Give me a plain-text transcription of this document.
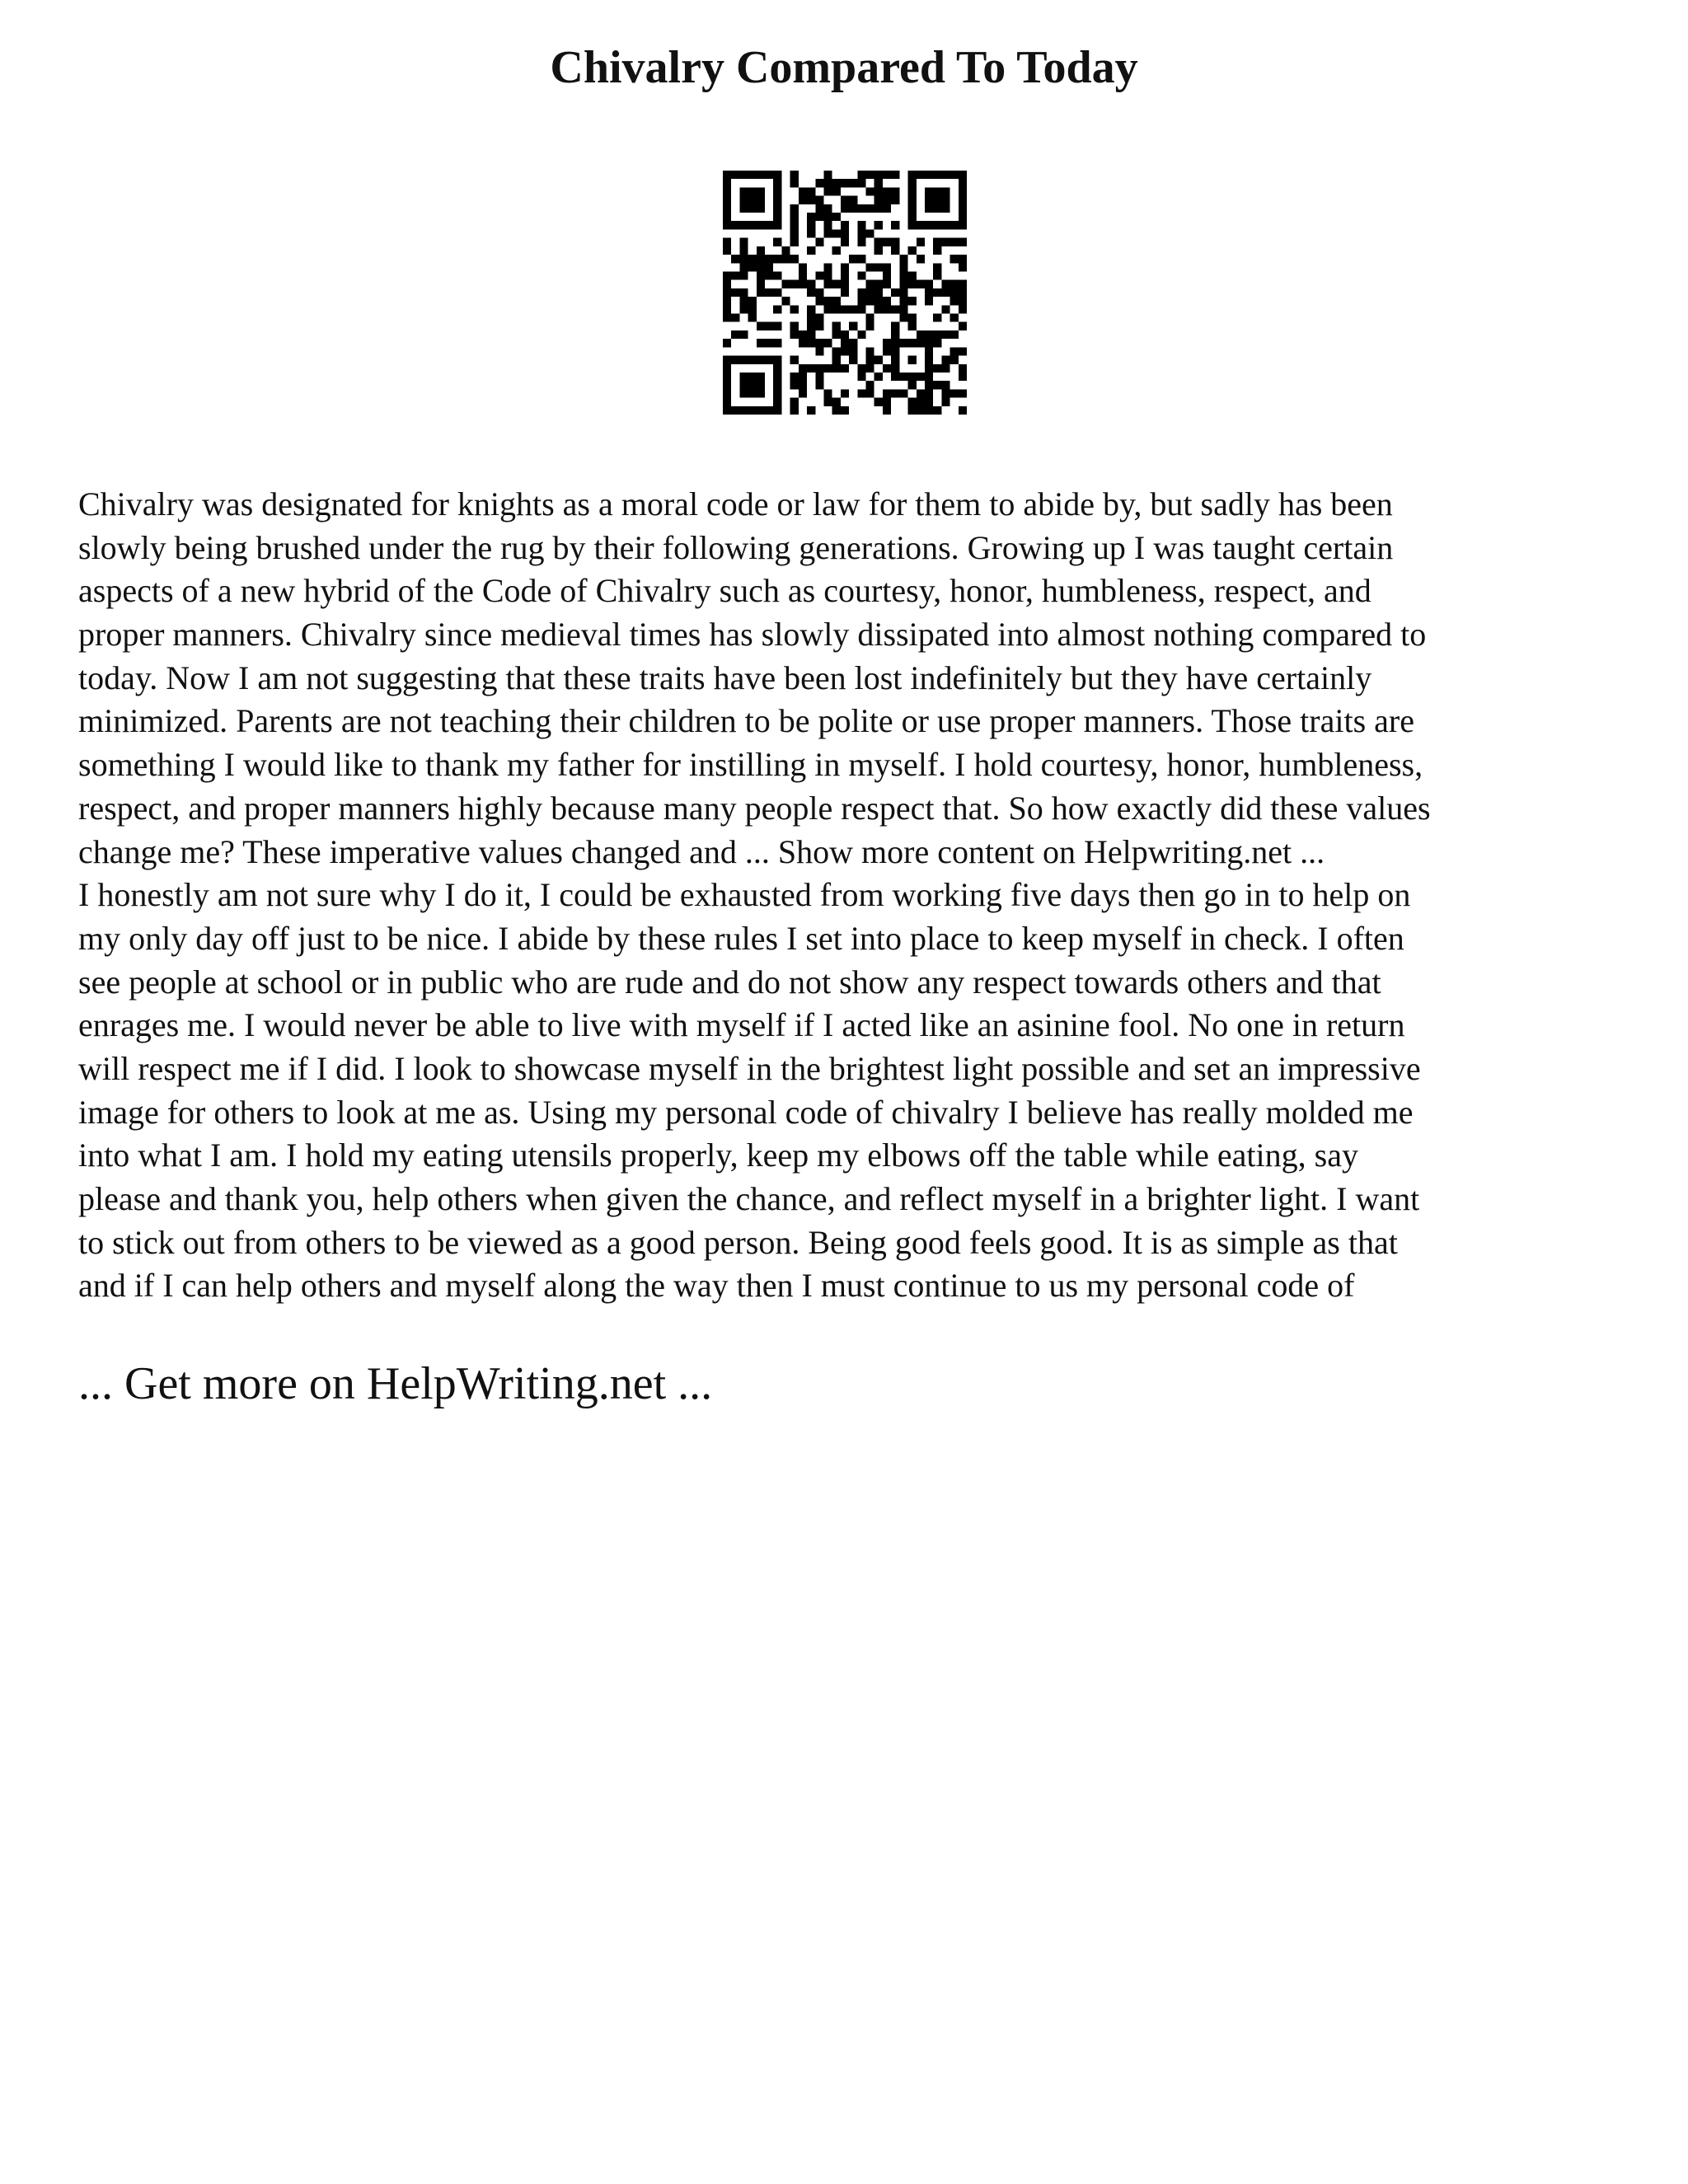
Chivalry Compared To Today
Chivalry was designated for knights as a moral code or law for them to abide by, but sadly has been
slowly being brushed under the rug by their following generations. Growing up I was taught certain
aspects of a new hybrid of the Code of Chivalry such as courtesy, honor, humbleness, respect, and
proper manners. Chivalry since medieval times has slowly dissipated into almost nothing compared to
today. Now I am not suggesting that these traits have been lost indefinitely but they have certainly
minimized. Parents are not teaching their children to be polite or use proper manners. Those traits are
something I would like to thank my father for instilling in myself. I hold courtesy, honor, humbleness,
respect, and proper manners highly because many people respect that. So how exactly did these values
change me? These imperative values changed and ... Show more content on Helpwriting.net ...
I honestly am not sure why I do it, I could be exhausted from working five days then go in to help on
my only day off just to be nice. I abide by these rules I set into place to keep myself in check. I often
see people at school or in public who are rude and do not show any respect towards others and that
enrages me. I would never be able to live with myself if I acted like an asinine fool. No one in return
will respect me if I did. I look to showcase myself in the brightest light possible and set an impressive
image for others to look at me as. Using my personal code of chivalry I believe has really molded me
into what I am. I hold my eating utensils properly, keep my elbows off the table while eating, say
please and thank you, help others when given the chance, and reflect myself in a brighter light. I want
to stick out from others to be viewed as a good person. Being good feels good. It is as simple as that
and if I can help others and myself along the way then I must continue to us my personal code of
... Get more on HelpWriting.net ...
